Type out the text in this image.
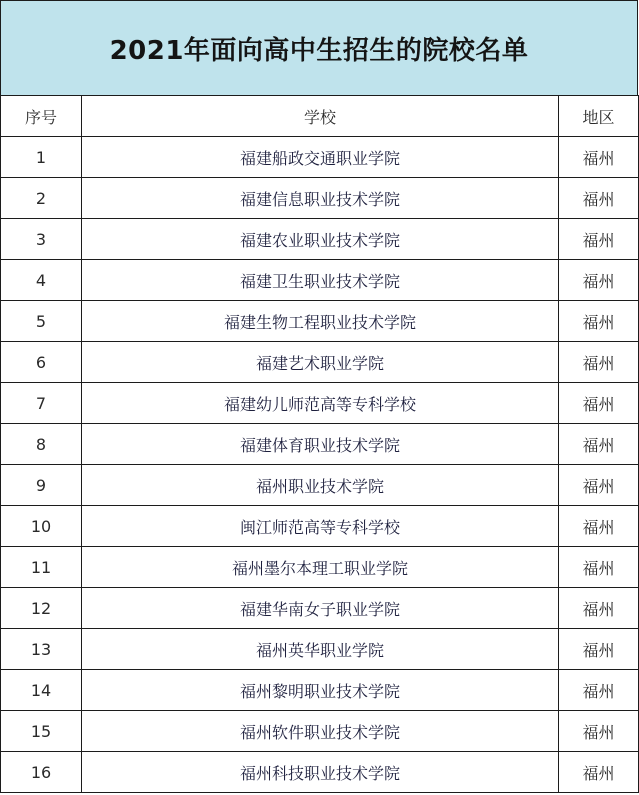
2021年面向高中生招生的院校名单
序号	学校	地区
1	福建船政交通职业学院	福州
2	福建信息职业技术学院	福州
3	福建农业职业技术学院	福州
4	福建卫生职业技术学院	福州
5	福建生物工程职业技术学院	福州
6	福建艺术职业学院	福州
7	福建幼儿师范高等专科学校	福州
8	福建体育职业技术学院	福州
9	福州职业技术学院	福州
10	闽江师范高等专科学校	福州
11	福州墨尔本理工职业学院	福州
12	福建华南女子职业学院	福州
13	福州英华职业学院	福州
14	福州黎明职业技术学院	福州
15	福州软件职业技术学院	福州
16	福州科技职业技术学院	福州
